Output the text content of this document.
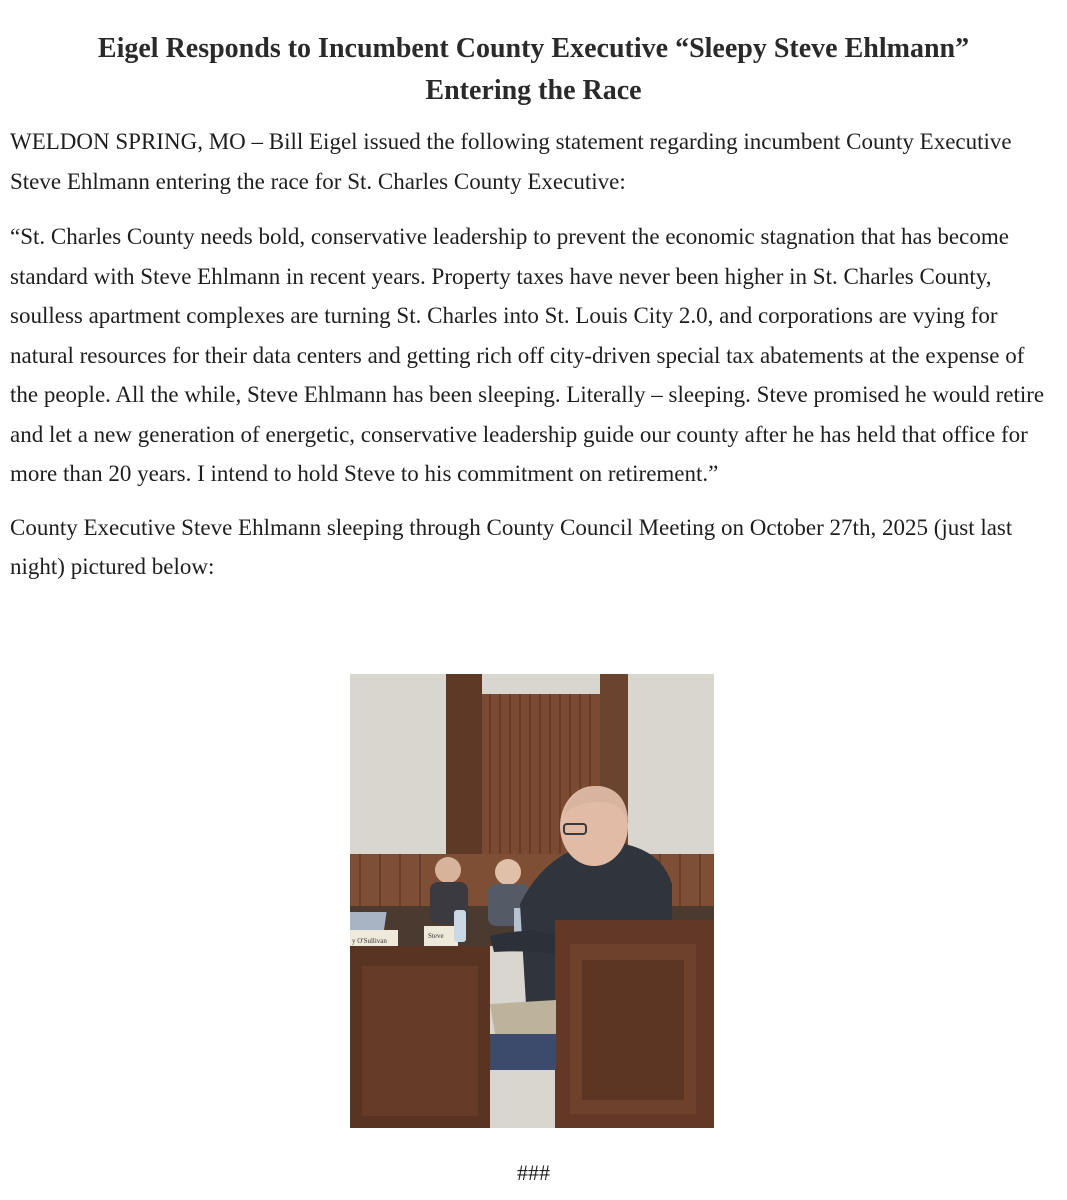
Eigel Responds to Incumbent County Executive “Sleepy Steve Ehlmann”
Entering the Race

WELDON SPRING, MO – Bill Eigel issued the following statement regarding incumbent County Executive Steve Ehlmann entering the race for St. Charles County Executive:

“St. Charles County needs bold, conservative leadership to prevent the economic stagnation that has become standard with Steve Ehlmann in recent years. Property taxes have never been higher in St. Charles County, soulless apartment complexes are turning St. Charles into St. Louis City 2.0, and corporations are vying for natural resources for their data centers and getting rich off city-driven special tax abatements at the expense of the people. All the while, Steve Ehlmann has been sleeping. Literally – sleeping. Steve promised he would retire and let a new generation of energetic, conservative leadership guide our county after he has held that office for more than 20 years. I intend to hold Steve to his commitment on retirement.”

County Executive Steve Ehlmann sleeping through County Council Meeting on October 27th, 2025 (just last night) pictured below:

y O'Sullivan
Steve
###
